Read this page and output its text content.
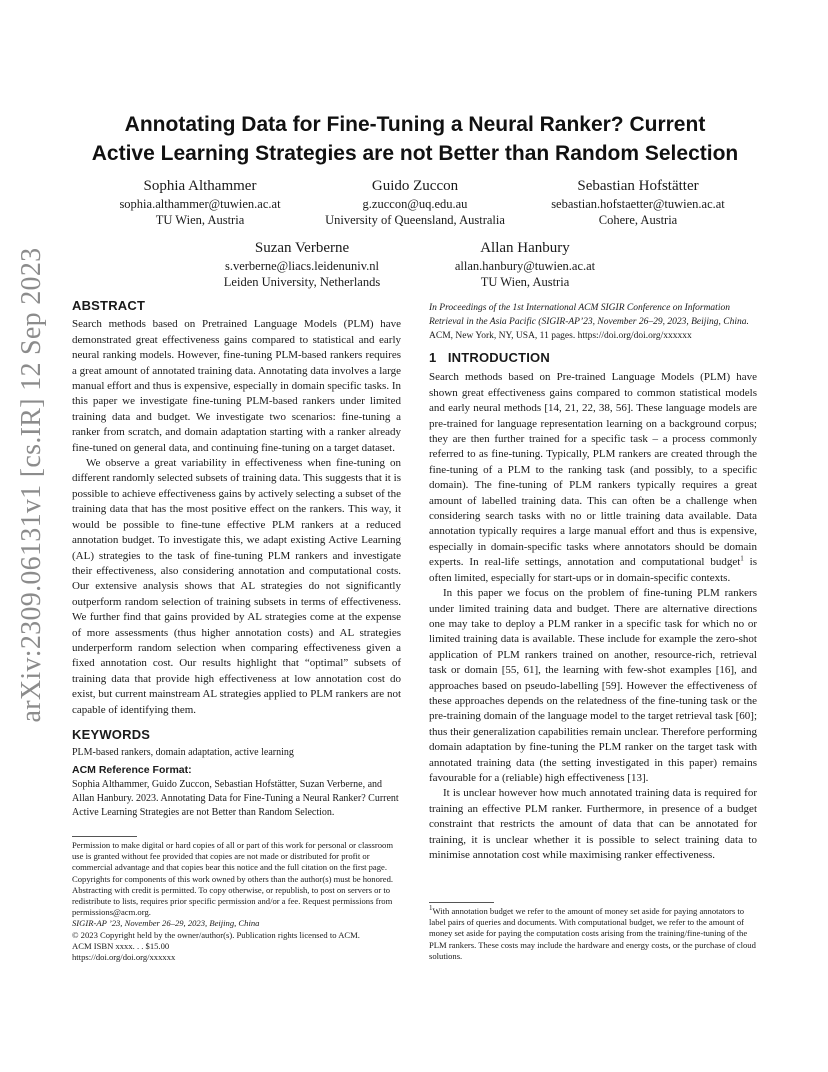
arXiv:2309.06131v1 [cs.IR] 12 Sep 2023
Annotating Data for Fine-Tuning a Neural Ranker? Current
Active Learning Strategies are not Better than Random Selection
Sophia Althammer
sophia.althammer@tuwien.ac.at
TU Wien, Austria
Guido Zuccon
g.zuccon@uq.edu.au
University of Queensland, Australia
Sebastian Hofstätter
sebastian.hofstaetter@tuwien.ac.at
Cohere, Austria
Suzan Verberne
s.verberne@liacs.leidenuniv.nl
Leiden University, Netherlands
Allan Hanbury
allan.hanbury@tuwien.ac.at
TU Wien, Austria
ABSTRACT

Search methods based on Pretrained Language Models (PLM) have demonstrated great effectiveness gains compared to statistical and early neural ranking models. However, fine-tuning PLM-based rankers requires a great amount of annotated training data. Annotating data involves a large manual effort and thus is expensive, especially in domain specific tasks. In this paper we investigate fine-tuning PLM-based rankers under limited training data and budget. We investigate two scenarios: fine-tuning a ranker from scratch, and domain adaptation starting with a ranker already fine-tuned on general data, and continuing fine-tuning on a target dataset.

We observe a great variability in effectiveness when fine-tuning on different randomly selected subsets of training data. This suggests that it is possible to achieve effectiveness gains by actively selecting a subset of the training data that has the most positive effect on the rankers. This way, it would be possible to fine-tune effective PLM rankers at a reduced annotation budget. To investigate this, we adapt existing Active Learning (AL) strategies to the task of fine-tuning PLM rankers and investigate their effectiveness, also considering annotation and computational costs. Our extensive analysis shows that AL strategies do not significantly outperform random selection of training subsets in terms of effectiveness. We further find that gains provided by AL strategies come at the expense of more assessments (thus higher annotation costs) and AL strategies underperform random selection when comparing effectiveness given a fixed annotation cost. Our results highlight that “optimal” subsets of training data that provide high effectiveness at low annotation cost do exist, but current mainstream AL strategies applied to PLM rankers are not capable of identifying them.

KEYWORDS

PLM-based rankers, domain adaptation, active learning

ACM Reference Format:

Sophia Althammer, Guido Zuccon, Sebastian Hofstätter, Suzan Verberne, and Allan Hanbury. 2023. Annotating Data for Fine-Tuning a Neural Ranker? Current Active Learning Strategies are not Better than Random Selection.

Permission to make digital or hard copies of all or part of this work for personal or classroom use is granted without fee provided that copies are not made or distributed for profit or commercial advantage and that copies bear this notice and the full citation on the first page. Copyrights for components of this work owned by others than the author(s) must be honored. Abstracting with credit is permitted. To copy otherwise, or republish, to post on servers or to redistribute to lists, requires prior specific permission and/or a fee. Request permissions from permissions@acm.org.

SIGIR-AP ’23, November 26–29, 2023, Beijing, China

© 2023 Copyright held by the owner/author(s). Publication rights licensed to ACM.

ACM ISBN xxxx. . . $15.00

https://doi.org/doi.org/xxxxxx

In Proceedings of the 1st International ACM SIGIR Conference on Information Retrieval in the Asia Pacific (SIGIR-AP’23, November 26–29, 2023, Beijing, China. ACM, New York, NY, USA, 11 pages. https://doi.org/doi.org/xxxxxx
1   INTRODUCTION

Search methods based on Pre-trained Language Models (PLM) have shown great effectiveness gains compared to common statistical models and early neural methods [14, 21, 22, 38, 56]. These language models are pre-trained for language representation learning on a background corpus; they are then further trained for a specific task – a process commonly referred to as fine-tuning. Typically, PLM rankers are created through the fine-tuning of a PLM to the ranking task (and possibly, to a specific domain). The fine-tuning of PLM rankers typically requires a great amount of labelled training data. This can often be a challenge when considering search tasks with no or little training data available. Data annotation typically requires a large manual effort and thus is expensive, especially in domain-specific tasks where annotators should be domain experts. In real-life settings, annotation and computational budget$^1$ is often limited, especially for start-ups or in domain-specific contexts.

In this paper we focus on the problem of fine-tuning PLM rankers under limited training data and budget. There are alternative directions one may take to deploy a PLM ranker in a specific task for which no or limited training data is available. These include for example the zero-shot application of PLM rankers trained on another, resource-rich, retrieval task or domain [55, 61], the learning with few-shot examples [16], and approaches based on pseudo-labelling [59]. However the effectiveness of these approaches depends on the relatedness of the fine-tuning task or the pre-training domain of the language model to the target retrieval task [60]; thus their generalization capabilities remain unclear. Therefore performing domain adaptation by fine-tuning the PLM ranker on the target task with annotated training data (the setting investigated in this paper) remains favourable for a (reliable) high effectiveness [13].

It is unclear however how much annotated training data is required for training an effective PLM ranker. Furthermore, in presence of a budget constraint that restricts the amount of data that can be annotated for training, it is unclear whether it is possible to select training data to minimise annotation cost while maximising ranker effectiveness.

$^1$With annotation budget we refer to the amount of money set aside for paying annotators to label pairs of queries and documents. With computational budget, we refer to the amount of money set aside for paying the computation costs arising from the training/fine-tuning of the PLM rankers. These costs may include the hardware and energy costs, or the purchase of cloud solutions.
